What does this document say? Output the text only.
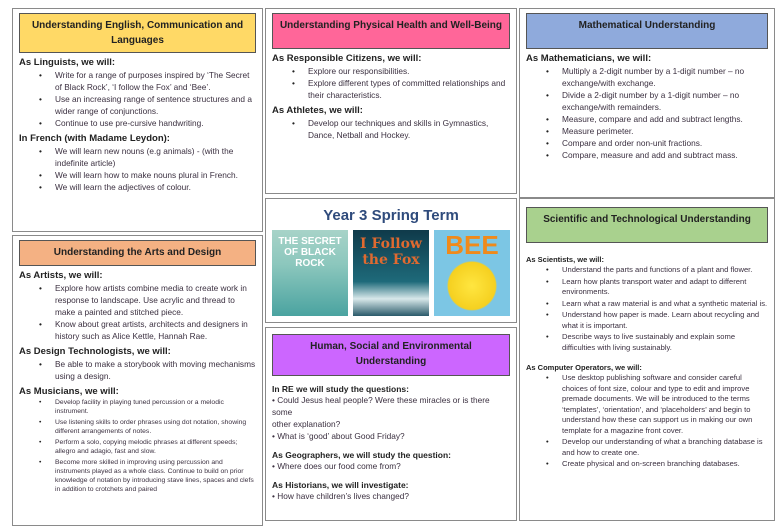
Understanding English, Communication and Languages
As Linguists, we will:
• Write for a range of purposes inspired by ‘The Secret of Black Rock’, ‘I follow the Fox’ and ‘Bee’.
• Use an increasing range of sentence structures and a wider range of conjunctions.
• Continue to use pre-cursive handwriting.
In French (with Madame Leydon):
• We will learn new nouns (e.g animals) - (with the indefinite article)
• We will learn how to make nouns plural in French.
• We will learn the adjectives of colour.
Understanding the Arts and Design
As Artists, we will:
• Explore how artists combine media to create work in response to landscape. Use acrylic and thread to make a painted and stitched piece.
• Know about great artists, architects and designers in history such as Alice Kettle, Hannah Rae.
As Design Technologists, we will:
• Be able to make a storybook with moving mechanisms using a design.
As Musicians, we will:
• Develop facility in playing tuned percussion or a melodic instrument.
• Use listening skills to order phrases using dot notation, showing different arrangements of notes.
• Perform a solo, copying melodic phrases at different speeds; allegro and adagio, fast and slow.
• Become more skilled in improving using percussion and instruments played as a whole class. Continue to build on prior knowledge of notation by introducing stave lines, spaces and clefs in addition to crotchets and paired
Understanding Physical Health and Well-Being
As Responsible Citizens, we will:
• Explore our responsibilities.
• Explore different types of committed relationships and their characteristics.
As Athletes, we will:
• Develop our techniques and skills in Gymnastics, Dance, Netball and Hockey.
Year 3 Spring Term
THE SECRET OF BLACK ROCK
I Follow the Fox BEE
Human, Social and Environmental Understanding
In RE we will study the questions:
• Could Jesus heal people? Were these miracles or is there some
other explanation?
• What is ‘good’ about Good Friday?
As Geographers, we will study the question:
• Where does our food come from?
As Historians, we will investigate:
• How have children’s lives changed?
Mathematical Understanding
As Mathematicians, we will:
• Multiply a 2-digit number by a 1-digit number – no exchange/with exchange.
• Divide a 2-digit number by a 1-digit number – no exchange/with remainders.
• Measure, compare and add and subtract lengths.
• Measure perimeter.
• Compare and order non-unit fractions.
• Compare, measure and add and subtract mass.
Scientific and Technological Understanding
As Scientists, we will:
• Understand the parts and functions of a plant and flower.
• Learn how plants transport water and adapt to different environments.
• Learn what a raw material is and what a synthetic material is.
• Understand how paper is made. Learn about recycling and what it is important.
• Describe ways to live sustainably and explain some difficulties with living sustainably.
As Computer Operators, we will:
• Use desktop publishing software and consider careful choices of font size, colour and type to edit and improve premade documents. We will be introduced to the terms ‘templates’, ‘orientation’, and ‘placeholders’ and begin to understand how these can support us in making our own template for a magazine front cover.
• Develop our understanding of what a branching database is and how to create one.
• Create physical and on-screen branching databases.
